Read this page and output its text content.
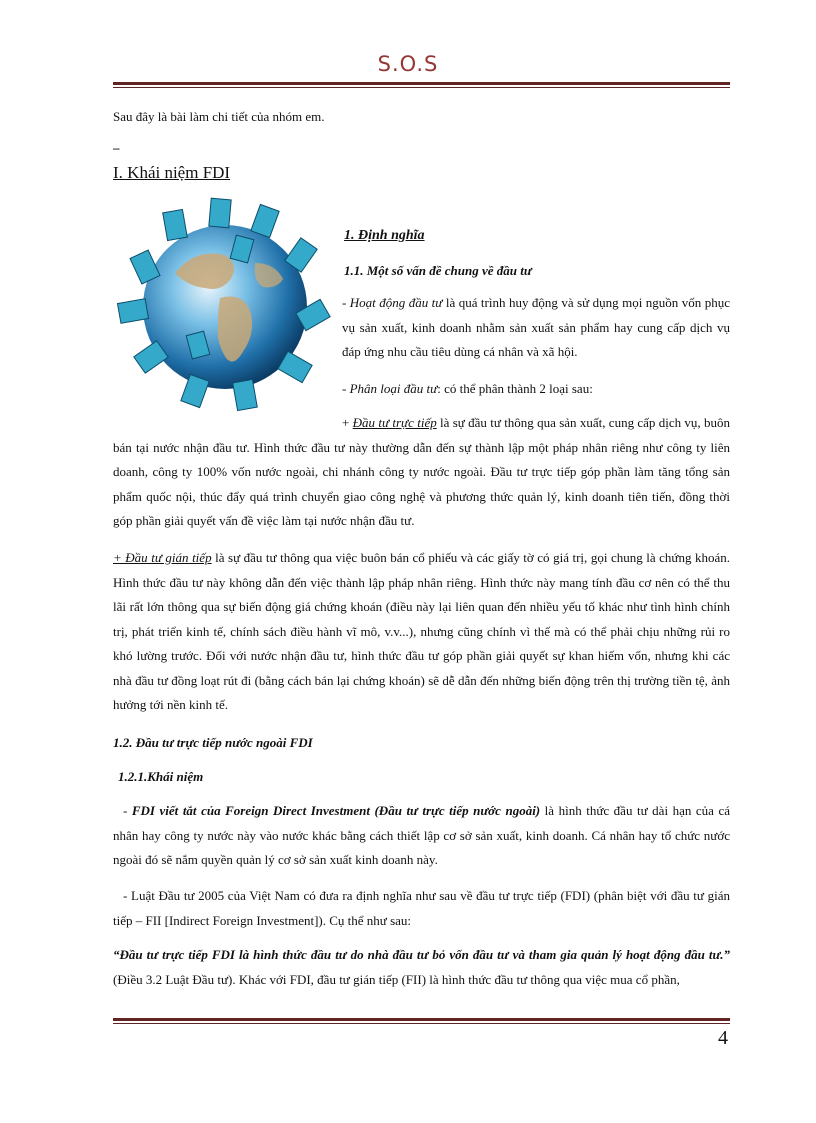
S.O.S
Sau đây là bài làm chi tiết của nhóm em.
–
I. Khái niệm FDI
1. Định nghĩa
1.1. Một số vấn đề chung về đầu tư

- Hoạt động đầu tư là quá trình huy động và sử dụng mọi nguồn vốn phục vụ sản xuất, kinh doanh nhằm sản xuất sản phẩm hay cung cấp dịch vụ đáp ứng nhu cầu tiêu dùng cá nhân và xã hội.

- Phân loại đầu tư: có thể phân thành 2 loại sau:

+ Đầu tư trực tiếp là sự đầu tư thông qua sản xuất, cung cấp dịch vụ, buôn bán tại nước nhận đầu tư. Hình thức đầu tư này thường dẫn đến sự thành lập một pháp nhân riêng như công ty liên doanh, công ty 100% vốn nước ngoài, chi nhánh công ty nước ngoài. Đầu tư trực tiếp góp phần làm tăng tổng sản phẩm quốc nội, thúc đẩy quá trình chuyển giao công nghệ và phương thức quản lý, kinh doanh tiên tiến, đồng thời góp phần giải quyết vấn đề việc làm tại nước nhận đầu tư.

+ Đầu tư gián tiếp là sự đầu tư thông qua việc buôn bán cổ phiếu và các giấy tờ có giá trị, gọi chung là chứng khoán. Hình thức đầu tư này không dẫn đến việc thành lập pháp nhân riêng. Hình thức này mang tính đầu cơ nên có thể thu lãi rất lớn thông qua sự biến động giá chứng khoán (điều này lại liên quan đến nhiều yếu tố khác như tình hình chính trị, phát triển kinh tế, chính sách điều hành vĩ mô, v.v...), nhưng cũng chính vì thế mà có thể phải chịu những rủi ro khó lường trước. Đối với nước nhận đầu tư, hình thức đầu tư góp phần giải quyết sự khan hiếm vốn, nhưng khi các nhà đầu tư đồng loạt rút đi (bằng cách bán lại chứng khoán) sẽ dễ dẫn đến những biến động trên thị trường tiền tệ, ảnh hưởng tới nền kinh tế.

1.2. Đầu tư trực tiếp nước ngoài FDI
1.2.1.Khái niệm

- FDI viết tắt của Foreign Direct Investment (Đầu tư trực tiếp nước ngoài) là hình thức đầu tư dài hạn của cá nhân hay công ty nước này vào nước khác bằng cách thiết lập cơ sở sản xuất, kinh doanh. Cá nhân hay tổ chức nước ngoài đó sẽ nắm quyền quản lý cơ sở sản xuất kinh doanh này.

- Luật Đầu tư 2005 của Việt Nam có đưa ra định nghĩa như sau về đầu tư trực tiếp (FDI) (phân biệt với đầu tư gián tiếp – FII [Indirect Foreign Investment]). Cụ thể như sau:

“Đầu tư trực tiếp FDI là hình thức đầu tư do nhà đầu tư bỏ vốn đầu tư và tham gia quản lý hoạt động đầu tư.” (Điều 3.2 Luật Đầu tư). Khác với FDI, đầu tư gián tiếp (FII) là hình thức đầu tư thông qua việc mua cổ phần,

4
